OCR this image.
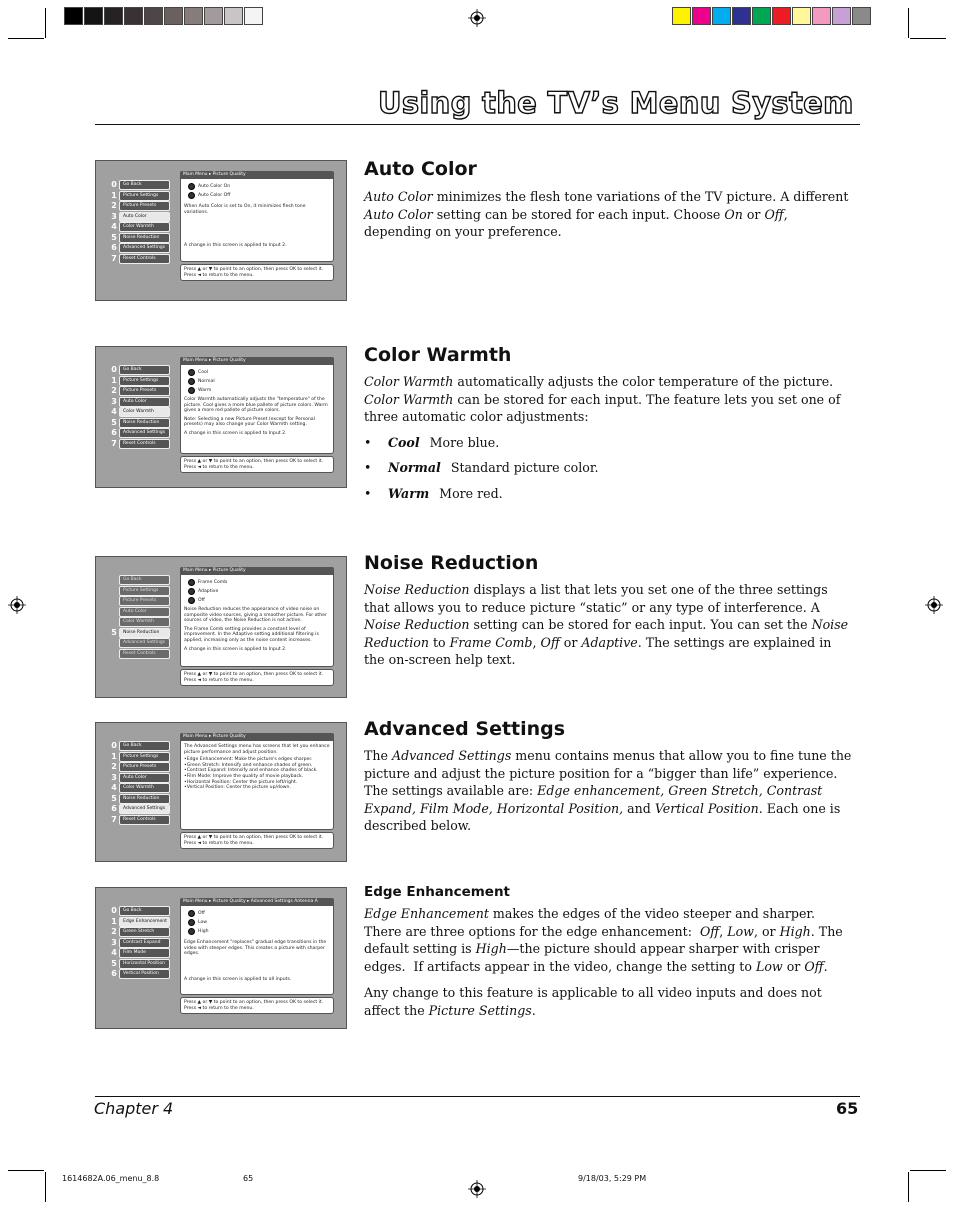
Using the TV’s Menu System
Auto Color
Auto Color minimizes the flesh tone variations of the TV picture. A different Auto Color setting can be stored for each input. Choose On or Off, depending on your preference.
Color Warmth
Color Warmth automatically adjusts the color temperature of the picture. Color Warmth can be stored for each input. The feature lets you set one of three automatic color adjustments:
• Cool More blue.
• Normal Standard picture color.
• Warm More red.
Noise Reduction
Noise Reduction displays a list that lets you set one of the three settings that allows you to reduce picture “static” or any type of interference. A Noise Reduction setting can be stored for each input. You can set the Noise Reduction to Frame Comb, Off or Adaptive. The settings are explained in the on-screen help text.
Advanced Settings
The Advanced Settings menu contains menus that allow you to fine tune the picture and adjust the picture position for a “bigger than life” experience. The settings available are: Edge enhancement, Green Stretch, Contrast Expand, Film Mode, Horizontal Position, and Vertical Position. Each one is described below.
Edge Enhancement
Edge Enhancement makes the edges of the video steeper and sharper. There are three options for the edge enhancement:  Off, Low, or High. The default setting is High—the picture should appear sharper with crisper edges.  If artifacts appear in the video, change the setting to Low or Off.
Any change to this feature is applicable to all video inputs and does not affect the Picture Settings.
0	Go Back
1	Picture Settings
2	Picture Presets
3	Auto Color
4	Color Warmth
5	Noise Reduction
6	Advanced Settings
7	Reset Controls
Main Menu ▸ Picture Quality
Auto Color On
Auto Color Off
When Auto Color is set to On, it minimizes flesh tone variations.
A change in this screen is applied to Input 2.
Press ▲ or ▼ to point to an option, then press OK to select it. Press ◄ to return to the menu.
0	Go Back
1	Picture Settings
2	Picture Presets
3	Auto Color
4	Color Warmth
5	Noise Reduction
6	Advanced Settings
7	Reset Controls
Main Menu ▸ Picture Quality
Cool
Normal
Warm
Color Warmth automatically adjusts the "temperature" of the picture. Cool gives a more blue pallete of picture colors. Warm gives a more red pallete of picture colors.
Note: Selecting a new Picture Preset (except for Personal presets) may also change your Color Warmth setting.
A change in this screen is applied to Input 2.
Press ▲ or ▼ to point to an option, then press OK to select it. Press ◄ to return to the menu.
Go Back
Picture Settings
Picture Presets
Auto Color
Color Warmth
5	Noise Reduction
Advanced Settings
Reset Controls
Main Menu ▸ Picture Quality
Frame Comb
Adaptive
Off
Noise Reduction reduces the appearance of video noise on composite video sources, giving a smoother picture. For other sources of video, the Noise Reduction is not active.
The Frame Comb setting provides a constant level of improvement. In the Adaptive setting additional filtering is applied, increasing only as the noise content increases.
A change in this screen is applied to Input 2.
Press ▲ or ▼ to point to an option, then press OK to select it. Press ◄ to return to the menu.
0	Go Back
1	Picture Settings
2	Picture Presets
3	Auto Color
4	Color Warmth
5	Noise Reduction
6	Advanced Settings
7	Reset Controls
Main Menu ▸ Picture Quality
The Advanced Settings menu has screens that let you enhance picture performance and adjust position.
•Edge Enhancement: Make the picture's edges sharper.
•Green Stretch: Intensify and enhance shades of green.
•Contrast Expand: Intensify and enhance shades of black.
•Film Mode: Improve the quality of movie playback.
•Horizontal Position: Center the picture left/right.
•Vertical Position: Center the picture up/down.
Press ▲ or ▼ to point to an option, then press OK to select it. Press ◄ to return to the menu.
0	Go Back
1	Edge Enhancement
2	Green Stretch
3	Contrast Expand
4	Film Mode
5	Horizontal Position
6	Vertical Position
Main Menu ▸ Picture Quality ▸ Advanced Settings Antenna A
Off
Low
High
Edge Enhancement "replaces" gradual edge transitions in the video with steeper edges. This creates a picture with sharper edges.
A change in this screen is applied to all inputs.
Press ▲ or ▼ to point to an option, then press OK to select it. Press ◄ to return to the menu.
Chapter 4	65
1614682A.06_menu_8.8	65	9/18/03, 5:29 PM
